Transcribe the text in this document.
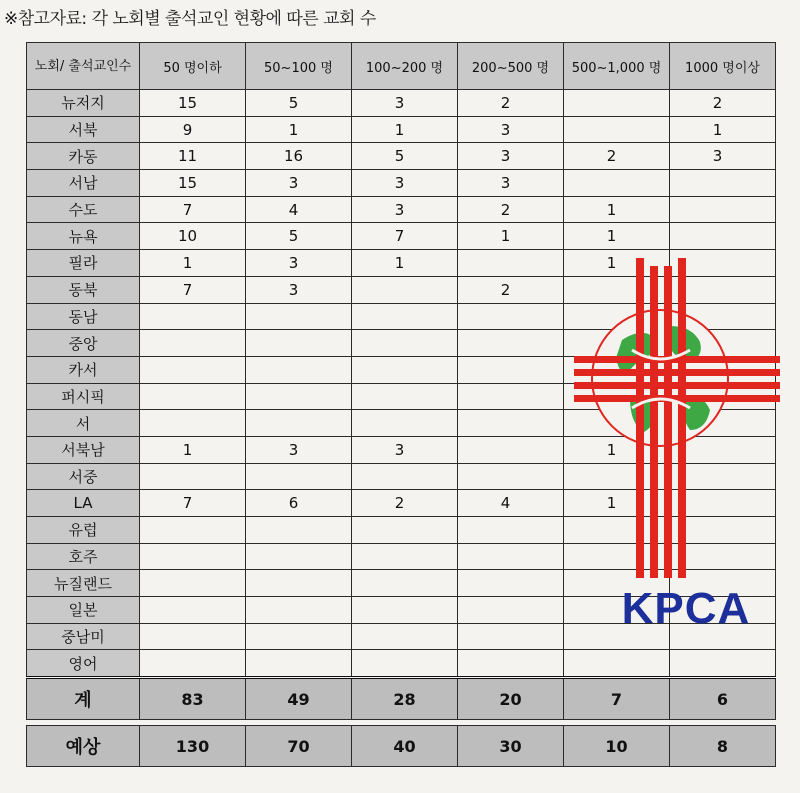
※참고자료: 각 노회별 출석교인 현황에 따른 교회 수
노회/ 출석교인수	50 명이하	50~100 명	100~200 명	200~500 명	500~1,000 명	1000 명이상
뉴저지	15	5	3	2		2
서북	9	1	1	3		1
카동	11	16	5	3	2	3
서남	15	3	3	3		
수도	7	4	3	2	1	
뉴욕	10	5	7	1	1	
필라	1	3	1		1	
동북	7	3		2		
동남						
중앙						
카서						
퍼시픽						
서						
서북남	1	3	3		1	
서중						
LA	7	6	2	4	1	
유럽						
호주						
뉴질랜드						
일본						
중남미						
영어						
계	83	49	28	20	7	6

예상	130	70	40	30	10	8
KPCA
